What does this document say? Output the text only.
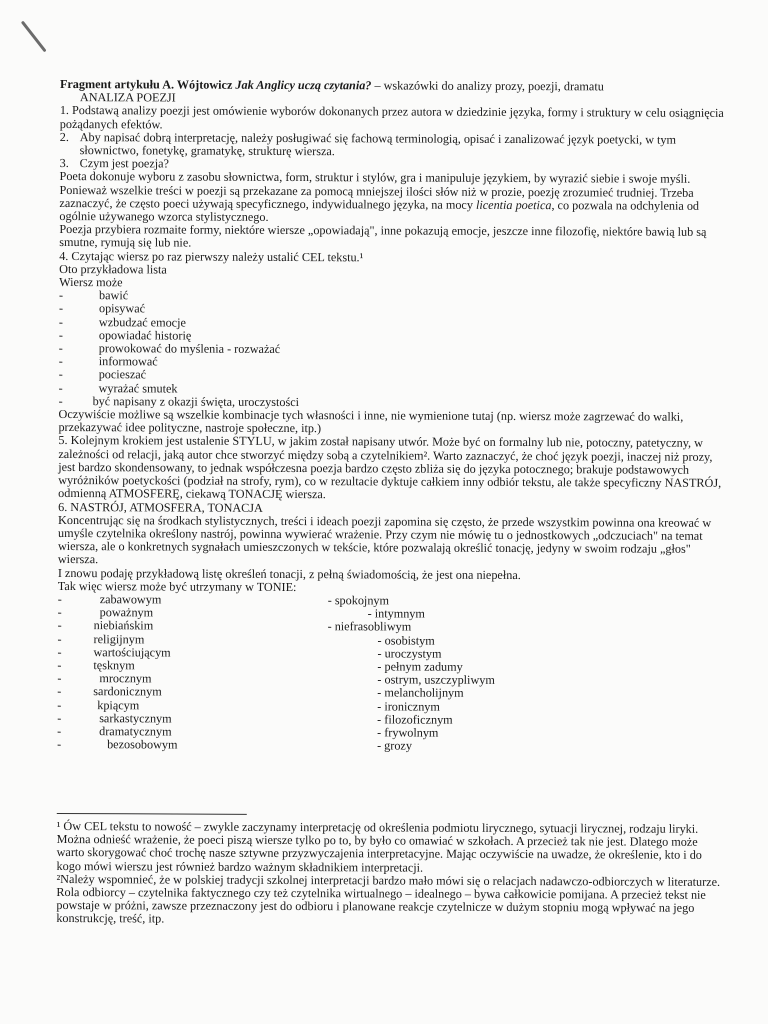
Fragment artykułu A. Wójtowicz Jak Anglicy uczą czytania? – wskazówki do analizy prozy, poezji, dramatu

ANALIZA POEZJI

1. Podstawą analizy poezji jest omówienie wyborów dokonanych przez autora w dziedzinie języka, formy i struktury w celu osiągnięcia pożądanych efektów.

2. Aby napisać dobrą interpretację, należy posługiwać się fachową terminologią, opisać i zanalizować język poetycki, w tym słownictwo, fonetykę, gramatykę, strukturę wiersza.

3. Czym jest poezja?

Poeta dokonuje wyboru z zasobu słownictwa, form, struktur i stylów, gra i manipuluje językiem, by wyrazić siebie i swoje myśli. Ponieważ wszelkie treści w poezji są przekazane za pomocą mniejszej ilości słów niż w prozie, poezję zrozumieć trudniej. Trzeba zaznaczyć, że często poeci używają specyficznego, indywidualnego języka, na mocy licentia poetica, co pozwala na odchylenia od ogólnie używanego wzorca stylistycznego.

Poezja przybiera rozmaite formy, niektóre wiersze „opowiadają", inne pokazują emocje, jeszcze inne filozofię, niektóre bawią lub są smutne, rymują się lub nie.

4. Czytając wiersz po raz pierwszy należy ustalić CEL tekstu.¹

Oto przykładowa lista

Wiersz może

-	bawić
-	opisywać
-	wzbudzać emocje
-	opowiadać historię
-	prowokować do myślenia - rozważać
-	informować
-	pocieszać
-	wyrażać smutek
- być napisany z okazji święta, uroczystości

Oczywiście możliwe są wszelkie kombinacje tych własności i inne, nie wymienione tutaj (np. wiersz może zagrzewać do walki, przekazywać idee polityczne, nastroje społeczne, itp.)

5. Kolejnym krokiem jest ustalenie STYLU, w jakim został napisany utwór. Może być on formalny lub nie, potoczny, patetyczny, w zależności od relacji, jaką autor chce stworzyć między sobą a czytelnikiem². Warto zaznaczyć, że choć język poezji, inaczej niż prozy, jest bardzo skondensowany, to jednak współczesna poezja bardzo często zbliża się do języka potocznego; brakuje podstawowych wyróżników poetyckości (podział na strofy, rym), co w rezultacie dyktuje całkiem inny odbiór tekstu, ale także specyficzny NASTRÓJ, odmienną ATMOSFERĘ, ciekawą TONACJĘ wiersza.

6. NASTRÓJ, ATMOSFERA, TONACJA

Koncentrując się na środkach stylistycznych, treści i ideach poezji zapomina się często, że przede wszystkim powinna ona kreować w umyśle czytelnika określony nastrój, powinna wywierać wrażenie. Przy czym nie mówię tu o jednostkowych „odczuciach" na temat wiersza, ale o konkretnych sygnałach umieszczonych w tekście, które pozwalają określić tonację, jedyny w swoim rodzaju „głos" wiersza.

I znowu podaję przykładową listę określeń tonacji, z pełną świadomością, że jest ona niepełna.

Tak więc wiersz może być utrzymany w TONIE:

-	zabawowym
-	poważnym
-	niebiańskim
-	religijnym
-	wartościującym
-	tęsknym
-	mrocznym
-	sardonicznym
-	kpiącym
-	sarkastycznym
-	dramatycznym
-	bezosobowym
- spokojnym
- intymnym
- niefrasobliwym
- osobistym
- uroczystym
- pełnym zadumy
- ostrym, uszczypliwym
- melancholijnym
- ironicznym
- filozoficznym
- frywolnym
- grozy

¹ Ów CEL tekstu to nowość – zwykle zaczynamy interpretację od określenia podmiotu lirycznego, sytuacji lirycznej, rodzaju liryki. Można odnieść wrażenie, że poeci piszą wiersze tylko po to, by było co omawiać w szkołach. A przecież tak nie jest. Dlatego może warto skorygować choć trochę nasze sztywne przyzwyczajenia interpretacyjne. Mając oczywiście na uwadze, że określenie, kto i do kogo mówi wierszu jest również bardzo ważnym składnikiem interpretacji.

²Należy wspomnieć, że w polskiej tradycji szkolnej interpretacji bardzo mało mówi się o relacjach nadawczo-odbiorczych w literaturze. Rola odbiorcy – czytelnika faktycznego czy też czytelnika wirtualnego – idealnego – bywa całkowicie pomijana. A przecież tekst nie powstaje w próżni, zawsze przeznaczony jest do odbioru i planowane reakcje czytelnicze w dużym stopniu mogą wpływać na jego konstrukcję, treść, itp.
